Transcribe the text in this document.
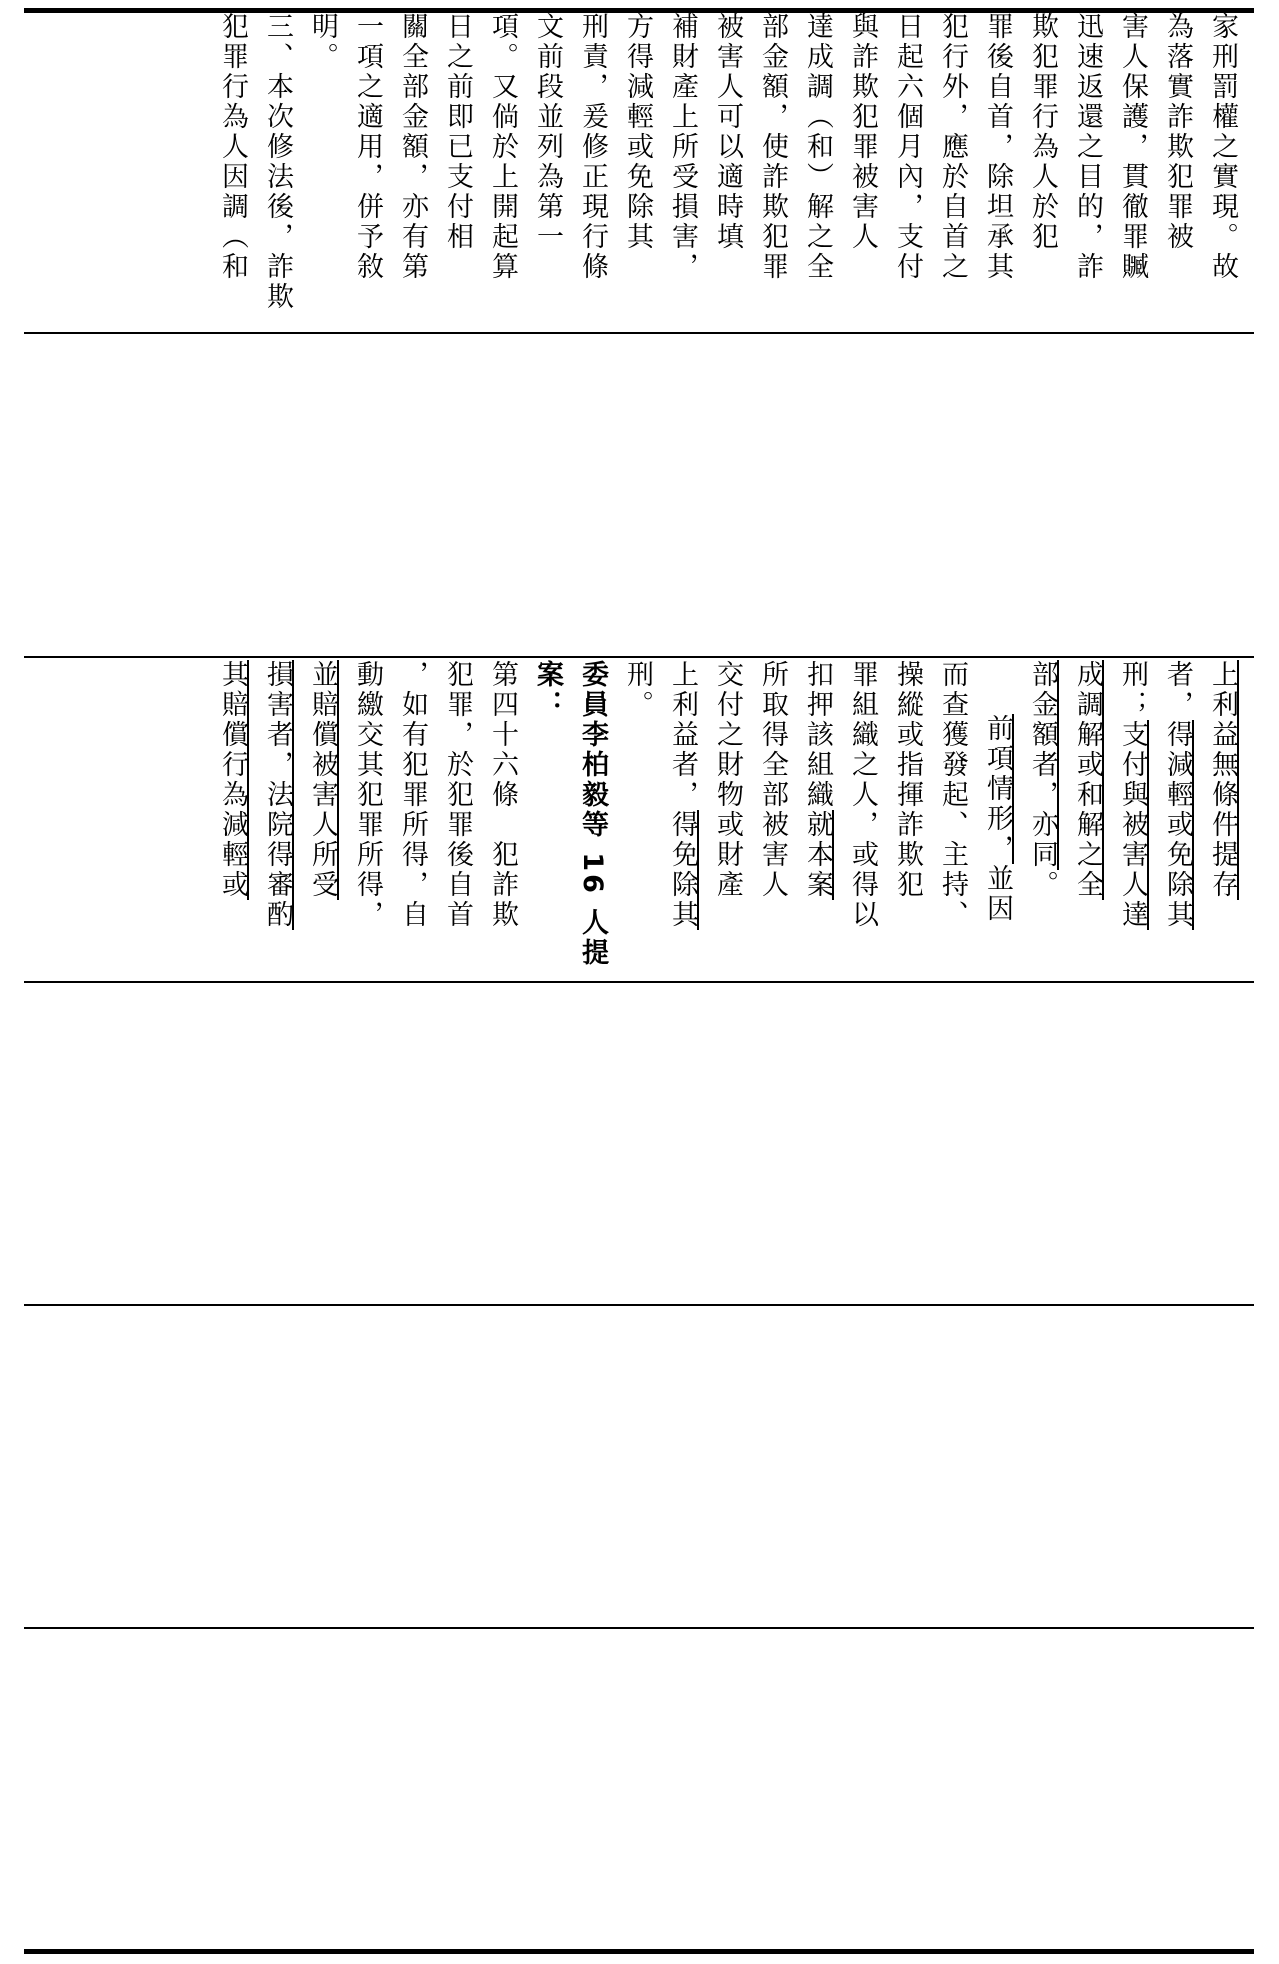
家刑罰權之實現。故

為落實詐欺犯罪被

害人保護，貫徹罪贓

迅速返還之目的，詐

欺犯罪行為人於犯

罪後自首，除坦承其

犯行外，應於自首之

日起六個月內，支付

與詐欺犯罪被害人

達成調（和）解之全

部金額，使詐欺犯罪

被害人可以適時填

補財產上所受損害，

方得減輕或免除其

刑責，爰修正現行條

文前段並列為第一

項。又倘於上開起算

日之前即已支付相

關全部金額，亦有第

一項之適用，併予敘

明。

三、本次修法後，詐欺

犯罪行為人因調（和

上利益無條件提存

者，得減輕或免除其

刑；支付與被害人達

成調解或和解之全

部金額者，亦同。

前項情形，並因

而查獲發起、主持、

操縱或指揮詐欺犯

罪組織之人，或得以

扣押該組織就本案

所取得全部被害人

交付之財物或財產

上利益者，得免除其

刑。

委員李柏毅等 16 人提

案：

第四十六條　犯詐欺

犯罪，於犯罪後自首

，如有犯罪所得，自

動繳交其犯罪所得，

並賠償被害人所受

損害者，法院得審酌

其賠償行為減輕或
